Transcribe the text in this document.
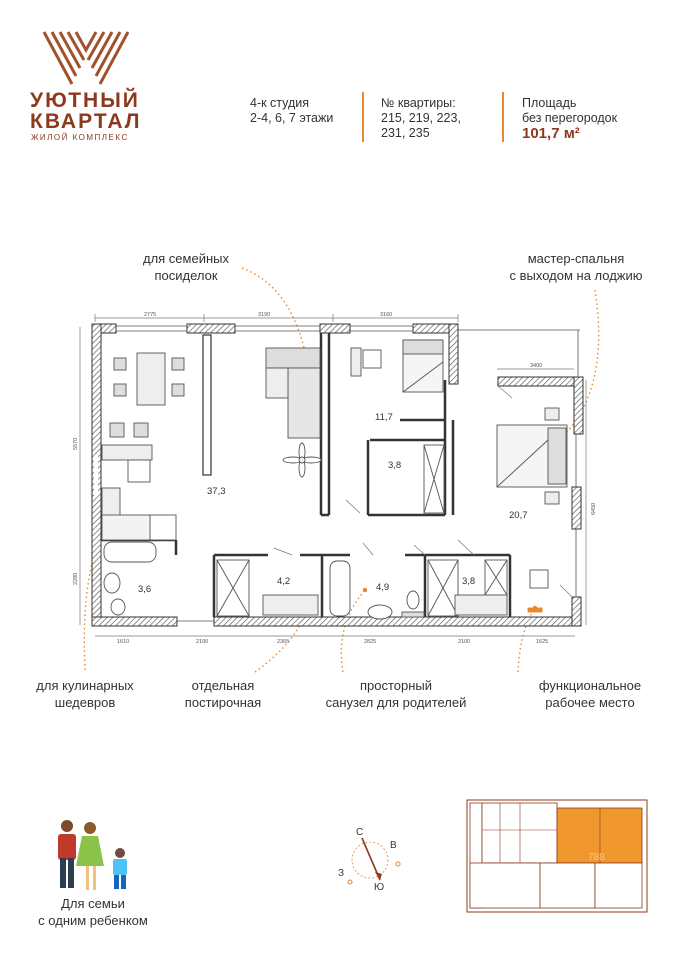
УЮТНЫЙ
КВАРТАЛ
ЖИЛОЙ КОМПЛЕКС
4-к студия
2-4, 6, 7 этажи
№ квартиры:
215, 219, 223,
231, 235
Площадь
без перегородок
101,7 м²
для семейных
посиделок
мастер-спальня
с выходом на лоджию
для кулинарных
шедевров
отдельная
постирочная
просторный
санузел для родителей
функциональное
рабочее место
2775	3190	3160
1610	2100	2365	2825	2100	1625
5570
2280
6450
3400
37,3
11,7
20,7
3,6
4,2
4,9
3,8
3,8
С
В
З
Ю
788
Для семьи
с одним ребенком
